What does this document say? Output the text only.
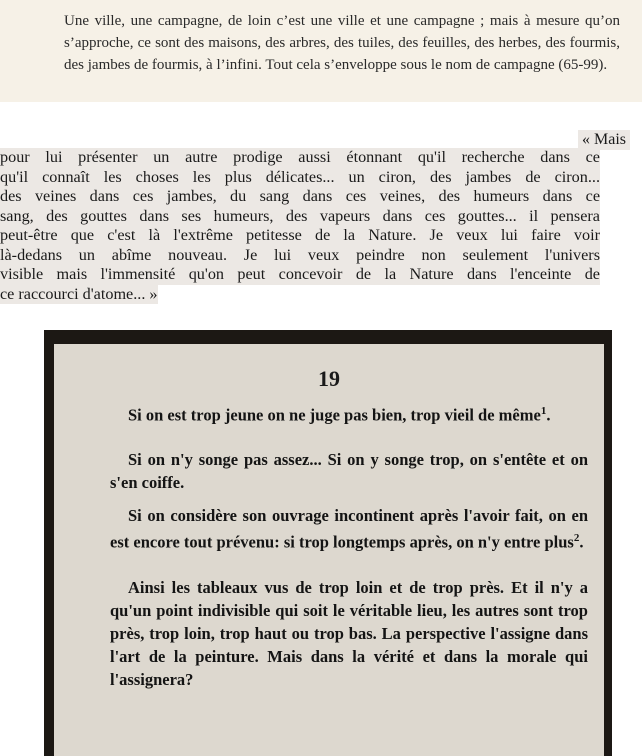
Une ville, une campagne, de loin c’est une ville et une campagne ; mais à mesure qu’on s’approche, ce sont des maisons, des arbres, des tuiles, des feuilles, des herbes, des fourmis, des jambes de fourmis, à l’infini. Tout cela s’enveloppe sous le nom de campagne (65-99).
« Mais
pour lui présenter un autre prodige aussi étonnant qu'il recherche dans ce
qu'il connaît les choses les plus délicates... un ciron, des jambes de ciron...
des veines dans ces jambes, du sang dans ces veines, des humeurs dans ce
sang, des gouttes dans ses humeurs, des vapeurs dans ces gouttes... il pensera
peut-être que c'est là l'extrême petitesse de la Nature. Je veux lui faire voir
là-dedans un abîme nouveau. Je lui veux peindre non seulement l'univers
visible mais l'immensité qu'on peut concevoir de la Nature dans l'enceinte de
ce raccourci d'atome... »
19
Si on est trop jeune on ne juge pas bien, trop vieil de même$^1$.
Si on n'y songe pas assez... Si on y songe trop, on s'entête et on s'en coiffe.
Si on considère son ouvrage incontinent après l'avoir fait, on en est encore tout prévenu: si trop longtemps après, on n'y entre plus$^2$.
Ainsi les tableaux vus de trop loin et de trop près. Et il n'y a qu'un point indivisible qui soit le véritable lieu, les autres sont trop près, trop loin, trop haut ou trop bas. La perspective l'assigne dans l'art de la peinture. Mais dans la vérité et dans la morale qui l'assignera?
